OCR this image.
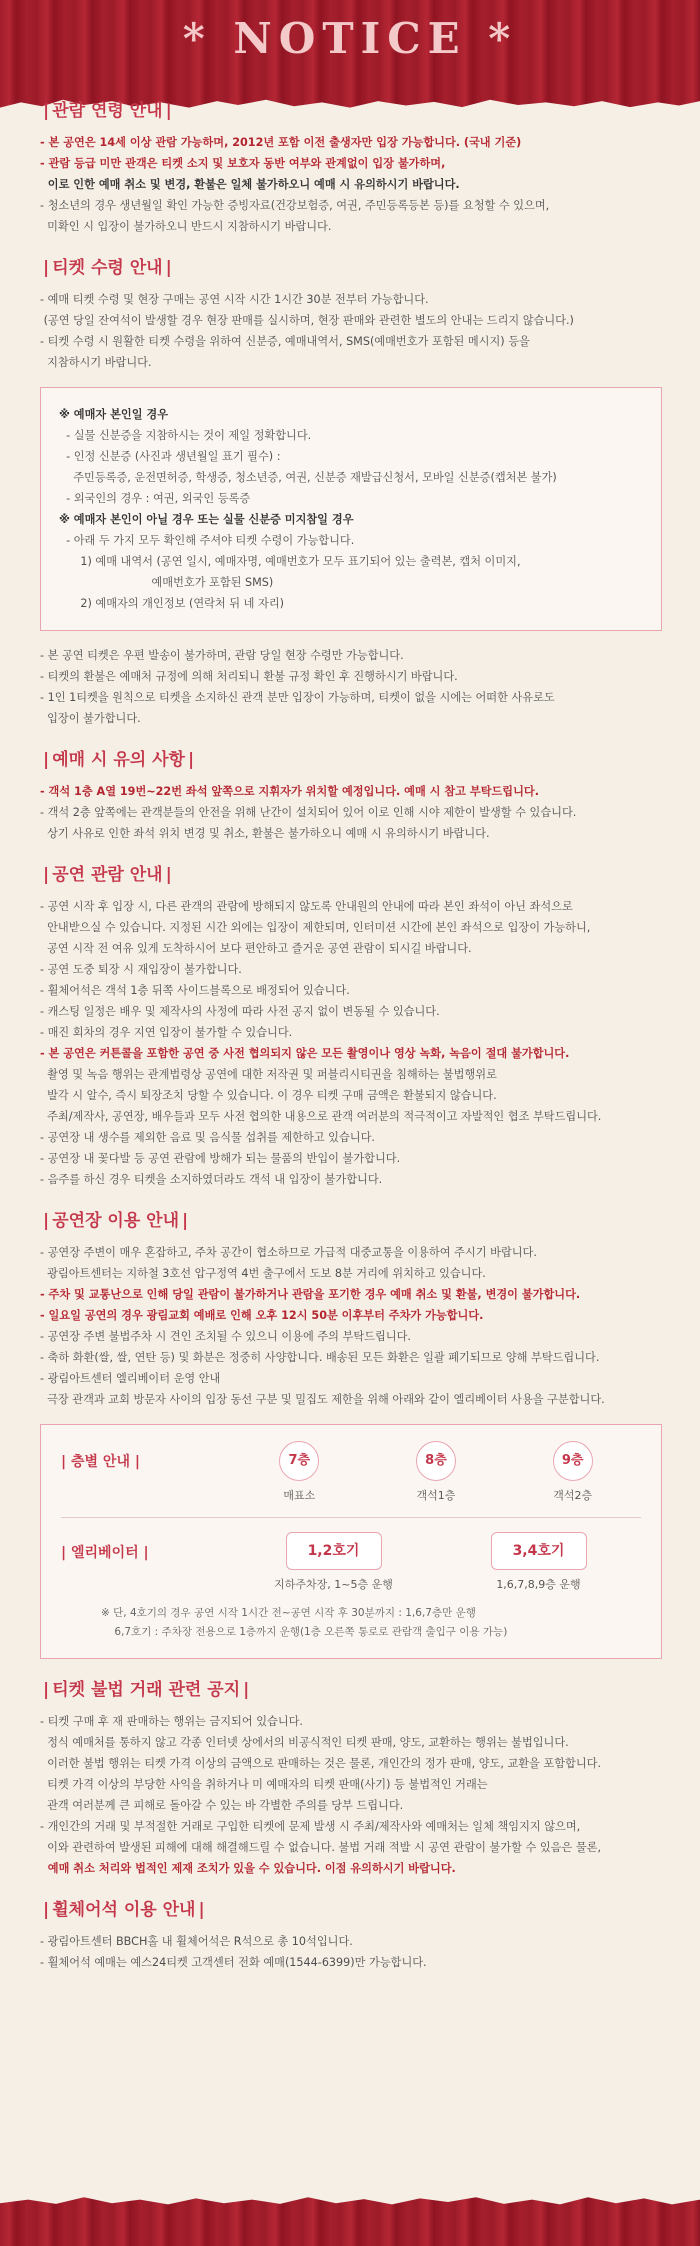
* NOTICE *
| 관람 연령 안내 |

- 본 공연은 14세 이상 관람 가능하며, 2012년 포함 이전 출생자만 입장 가능합니다. (국내 기준)

- 관람 등급 미만 관객은 티켓 소지 및 보호자 동반 여부와 관계없이 입장 불가하며,

이로 인한 예매 취소 및 변경, 환불은 일체 불가하오니 예매 시 유의하시기 바랍니다.

- 청소년의 경우 생년월일 확인 가능한 증빙자료(건강보험증, 여권, 주민등록등본 등)를 요청할 수 있으며,

미확인 시 입장이 불가하오니 반드시 지참하시기 바랍니다.

| 티켓 수령 안내 |

- 예매 티켓 수령 및 현장 구매는 공연 시작 시간 1시간 30분 전부터 가능합니다.

(공연 당일 잔여석이 발생할 경우 현장 판매를 실시하며, 현장 판매와 관련한 별도의 안내는 드리지 않습니다.)

- 티켓 수령 시 원활한 티켓 수령을 위하여 신분증, 예매내역서, SMS(예매번호가 포함된 메시지) 등을

지참하시기 바랍니다.

※ 예매자 본인일 경우

- 실물 신분증을 지참하시는 것이 제일 정확합니다.

- 인정 신분증 (사진과 생년월일 표기 필수) :

주민등록증, 운전면허증, 학생증, 청소년증, 여권, 신분증 재발급신청서, 모바일 신분증(캡처본 불가)

- 외국인의 경우 : 여권, 외국인 등록증

※ 예매자 본인이 아닐 경우 또는 실물 신분증 미지참일 경우

- 아래 두 가지 모두 확인해 주셔야 티켓 수령이 가능합니다.

1) 예매 내역서 (공연 일시, 예매자명, 예매번호가 모두 표기되어 있는 출력본, 캡처 이미지,

예매번호가 포함된 SMS)

2) 예매자의 개인정보 (연락처 뒤 네 자리)

- 본 공연 티켓은 우편 발송이 불가하며, 관람 당일 현장 수령만 가능합니다.

- 티켓의 환불은 예매처 규정에 의해 처리되니 환불 규정 확인 후 진행하시기 바랍니다.

- 1인 1티켓을 원칙으로 티켓을 소지하신 관객 분만 입장이 가능하며, 티켓이 없을 시에는 어떠한 사유로도

입장이 불가합니다.

| 예매 시 유의 사항 |

- 객석 1층 A열 19번~22번 좌석 앞쪽으로 지휘자가 위치할 예정입니다. 예매 시 참고 부탁드립니다.

- 객석 2층 앞쪽에는 관객분들의 안전을 위해 난간이 설치되어 있어 이로 인해 시야 제한이 발생할 수 있습니다.

상기 사유로 인한 좌석 위치 변경 및 취소, 환불은 불가하오니 예매 시 유의하시기 바랍니다.

| 공연 관람 안내 |

- 공연 시작 후 입장 시, 다른 관객의 관람에 방해되지 않도록 안내원의 안내에 따라 본인 좌석이 아닌 좌석으로

안내받으실 수 있습니다. 지정된 시간 외에는 입장이 제한되며, 인터미션 시간에 본인 좌석으로 입장이 가능하니,

공연 시작 전 여유 있게 도착하시어 보다 편안하고 즐거운 공연 관람이 되시길 바랍니다.

- 공연 도중 퇴장 시 재입장이 불가합니다.

- 휠체어석은 객석 1층 뒤쪽 사이드블록으로 배정되어 있습니다.

- 캐스팅 일정은 배우 및 제작사의 사정에 따라 사전 공지 없이 변동될 수 있습니다.

- 매진 회차의 경우 지연 입장이 불가할 수 있습니다.

- 본 공연은 커튼콜을 포함한 공연 중 사전 협의되지 않은 모든 촬영이나 영상 녹화, 녹음이 절대 불가합니다.

촬영 및 녹음 행위는 관계법령상 공연에 대한 저작권 및 퍼블리시티권을 침해하는 불법행위로

발각 시 알수, 즉시 퇴장조치 당할 수 있습니다. 이 경우 티켓 구매 금액은 환불되지 않습니다.

주최/제작사, 공연장, 배우들과 모두 사전 협의한 내용으로 관객 여러분의 적극적이고 자발적인 협조 부탁드립니다.

- 공연장 내 생수를 제외한 음료 및 음식물 섭취를 제한하고 있습니다.

- 공연장 내 꽃다발 등 공연 관람에 방해가 되는 물품의 반입이 불가합니다.

- 음주를 하신 경우 티켓을 소지하였더라도 객석 내 입장이 불가합니다.

| 공연장 이용 안내 |

- 공연장 주변이 매우 혼잡하고, 주차 공간이 협소하므로 가급적 대중교통을 이용하여 주시기 바랍니다.

광림아트센터는 지하철 3호선 압구정역 4번 출구에서 도보 8분 거리에 위치하고 있습니다.

- 주차 및 교통난으로 인해 당일 관람이 불가하거나 관람을 포기한 경우 예매 취소 및 환불, 변경이 불가합니다.

- 일요일 공연의 경우 광림교회 예배로 인해 오후 12시 50분 이후부터 주차가 가능합니다.

- 공연장 주변 불법주차 시 견인 조치될 수 있으니 이용에 주의 부탁드립니다.

- 축하 화환(쌀, 쌀, 연탄 등) 및 화분은 정중히 사양합니다. 배송된 모든 화환은 일괄 폐기되므로 양해 부탁드립니다.

- 광림아트센터 엘리베이터 운영 안내

극장 관객과 교회 방문자 사이의 입장 동선 구분 및 밀집도 제한을 위해 아래와 같이 엘리베이터 사용을 구분합니다.

| 층별 안내 |	7층
매표소
8층
객석1층
9층
객석2층
| 엘리베이터 |	1,2호기
지하주차장, 1~5층 운행
3,4호기
1,6,7,8,9층 운행
※ 단, 4호기의 경우 공연 시작 1시간 전~공연 시작 후 30분까지 : 1,6,7층만 운행
6,7호기 : 주차장 전용으로 1층까지 운행(1층 오른쪽 통로로 관람객 출입구 이용 가능)
| 티켓 불법 거래 관련 공지 |

- 티켓 구매 후 재 판매하는 행위는 금지되어 있습니다.

정식 예매처를 통하지 않고 각종 인터넷 상에서의 비공식적인 티켓 판매, 양도, 교환하는 행위는 불법입니다.

이러한 불법 행위는 티켓 가격 이상의 금액으로 판매하는 것은 물론, 개인간의 정가 판매, 양도, 교환을 포함합니다.

티켓 가격 이상의 부당한 사익을 취하거나 미 예매자의 티켓 판매(사기) 등 불법적인 거래는

관객 여러분께 큰 피해로 돌아갈 수 있는 바 각별한 주의를 당부 드립니다.

- 개인간의 거래 및 부적절한 거래로 구입한 티켓에 문제 발생 시 주최/제작사와 예매처는 일체 책임지지 않으며,

이와 관련하여 발생된 피해에 대해 해결해드릴 수 없습니다. 불법 거래 적발 시 공연 관람이 불가할 수 있음은 물론,

예매 취소 처리와 법적인 제재 조치가 있을 수 있습니다. 이점 유의하시기 바랍니다.

| 휠체어석 이용 안내 |

- 광림아트센터 BBCH홀 내 휠체어석은 R석으로 총 10석입니다.

- 휠체어석 예매는 예스24티켓 고객센터 전화 예매(1544-6399)만 가능합니다.
